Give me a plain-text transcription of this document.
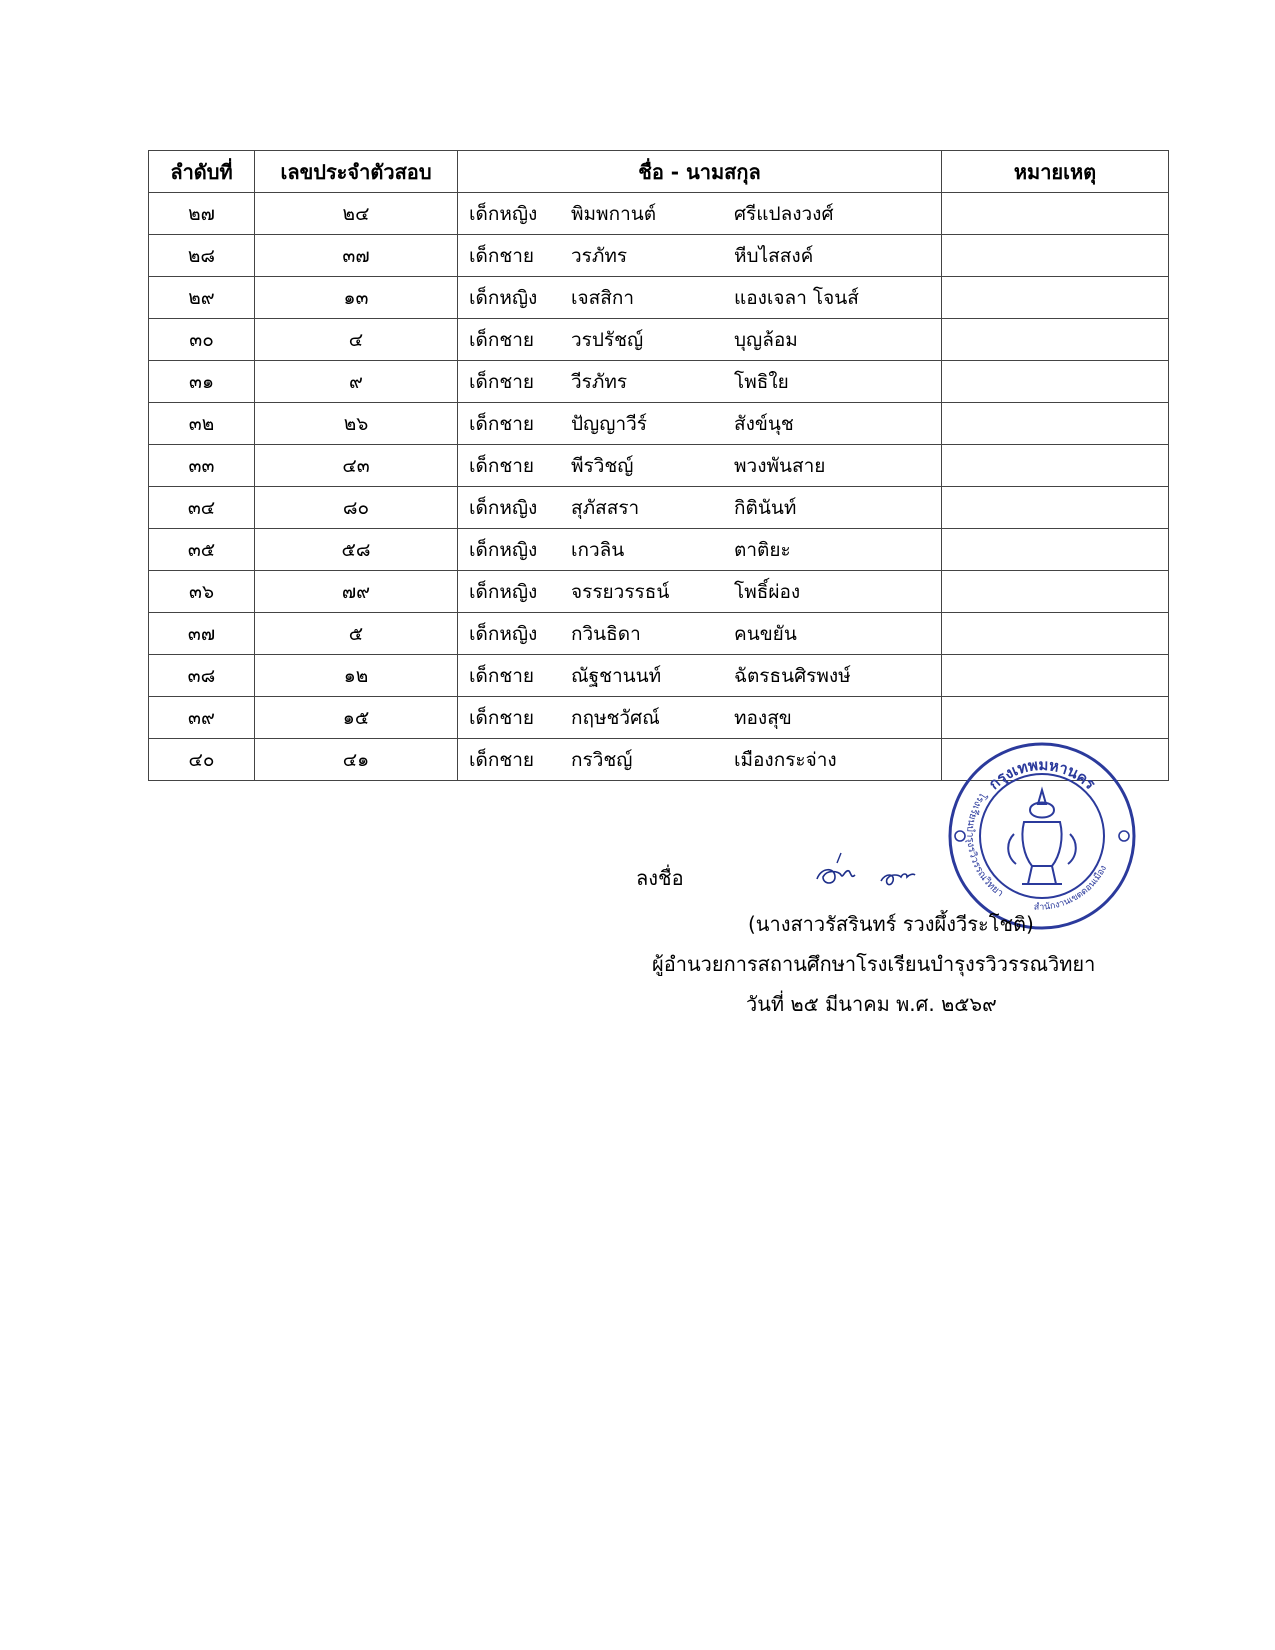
ลำดับที่	เลขประจำตัวสอบ	ชื่อ - นามสกุล	หมายเหตุ
๒๗	๒๔	เด็กหญิง พิมพกานต์ ศรีแปลงวงศ์	

๒๘	๓๗	เด็กชาย วรภัทร หีบไสสงค์	

๒๙	๑๓	เด็กหญิง เจสสิกา แองเจลา โจนส์	

๓๐	๔	เด็กชาย วรปรัชญ์ บุญล้อม	

๓๑	๙	เด็กชาย วีรภัทร โพธิใย	

๓๒	๒๖	เด็กชาย ปัญญาวีร์ สังข์นุช	

๓๓	๔๓	เด็กชาย พีรวิชญ์ พวงพันสาย	

๓๔	๘๐	เด็กหญิง สุภัสสรา กิตินันท์	

๓๕	๕๘	เด็กหญิง เกวลิน ตาติยะ	

๓๖	๗๙	เด็กหญิง จรรยวรรธน์ โพธิ์ผ่อง	

๓๗	๕	เด็กหญิง กวินธิดา คนขยัน	

๓๘	๑๒	เด็กชาย ณัฐชานนท์ ฉัตรธนศิรพงษ์	

๓๙	๑๕	เด็กชาย กฤษชวัศณ์ ทองสุข	

๔๐	๔๑	เด็กชาย กรวิชญ์ เมืองกระจ่าง	

ลงชื่อ
กรุงเทพมหานคร
โรงเรียนบำรุงรวิวรรณวิทยา
สำนักงานเขตดอนเมือง
(นางสาวรัสรินทร์ รวงผึ้งวีระโชติ)
ผู้อำนวยการสถานศึกษาโรงเรียนบำรุงรวิวรรณวิทยา
วันที่ ๒๕ มีนาคม พ.ศ. ๒๕๖๙
